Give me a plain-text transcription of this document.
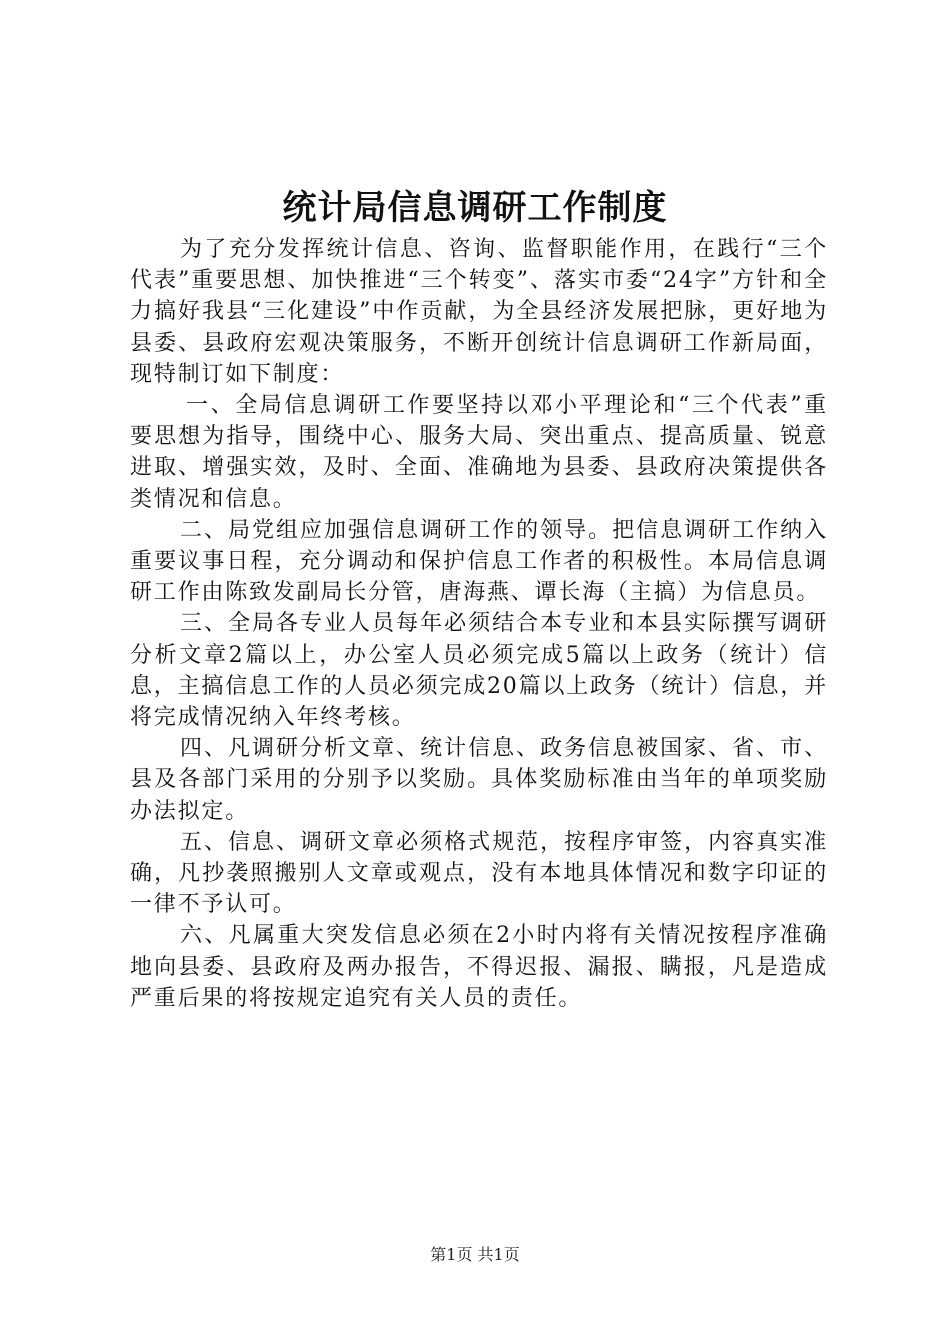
统计局信息调研工作制度

为了充分发挥统计信息、咨询、监督职能作用，在践行“三个代表”重要思想、加快推进“三个转变”、落实市委“24字”方针和全力搞好我县“三化建设”中作贡献，为全县经济发展把脉，更好地为县委、县政府宏观决策服务，不断开创统计信息调研工作新局面，现特制订如下制度：

一、全局信息调研工作要坚持以邓小平理论和“三个代表”重要思想为指导，围绕中心、服务大局、突出重点、提高质量、锐意进取、增强实效，及时、全面、准确地为县委、县政府决策提供各类情况和信息。

二、局党组应加强信息调研工作的领导。把信息调研工作纳入重要议事日程，充分调动和保护信息工作者的积极性。本局信息调研工作由陈致发副局长分管，唐海燕、谭长海（主搞）为信息员。

三、全局各专业人员每年必须结合本专业和本县实际撰写调研分析文章2篇以上，办公室人员必须完成5篇以上政务（统计）信息，主搞信息工作的人员必须完成20篇以上政务（统计）信息，并将完成情况纳入年终考核。

四、凡调研分析文章、统计信息、政务信息被国家、省、市、县及各部门采用的分别予以奖励。具体奖励标准由当年的单项奖励办法拟定。

五、信息、调研文章必须格式规范，按程序审签，内容真实准确，凡抄袭照搬别人文章或观点，没有本地具体情况和数字印证的一律不予认可。

六、凡属重大突发信息必须在2小时内将有关情况按程序准确地向县委、县政府及两办报告，不得迟报、漏报、瞒报，凡是造成严重后果的将按规定追究有关人员的责任。

第1页 共1页
